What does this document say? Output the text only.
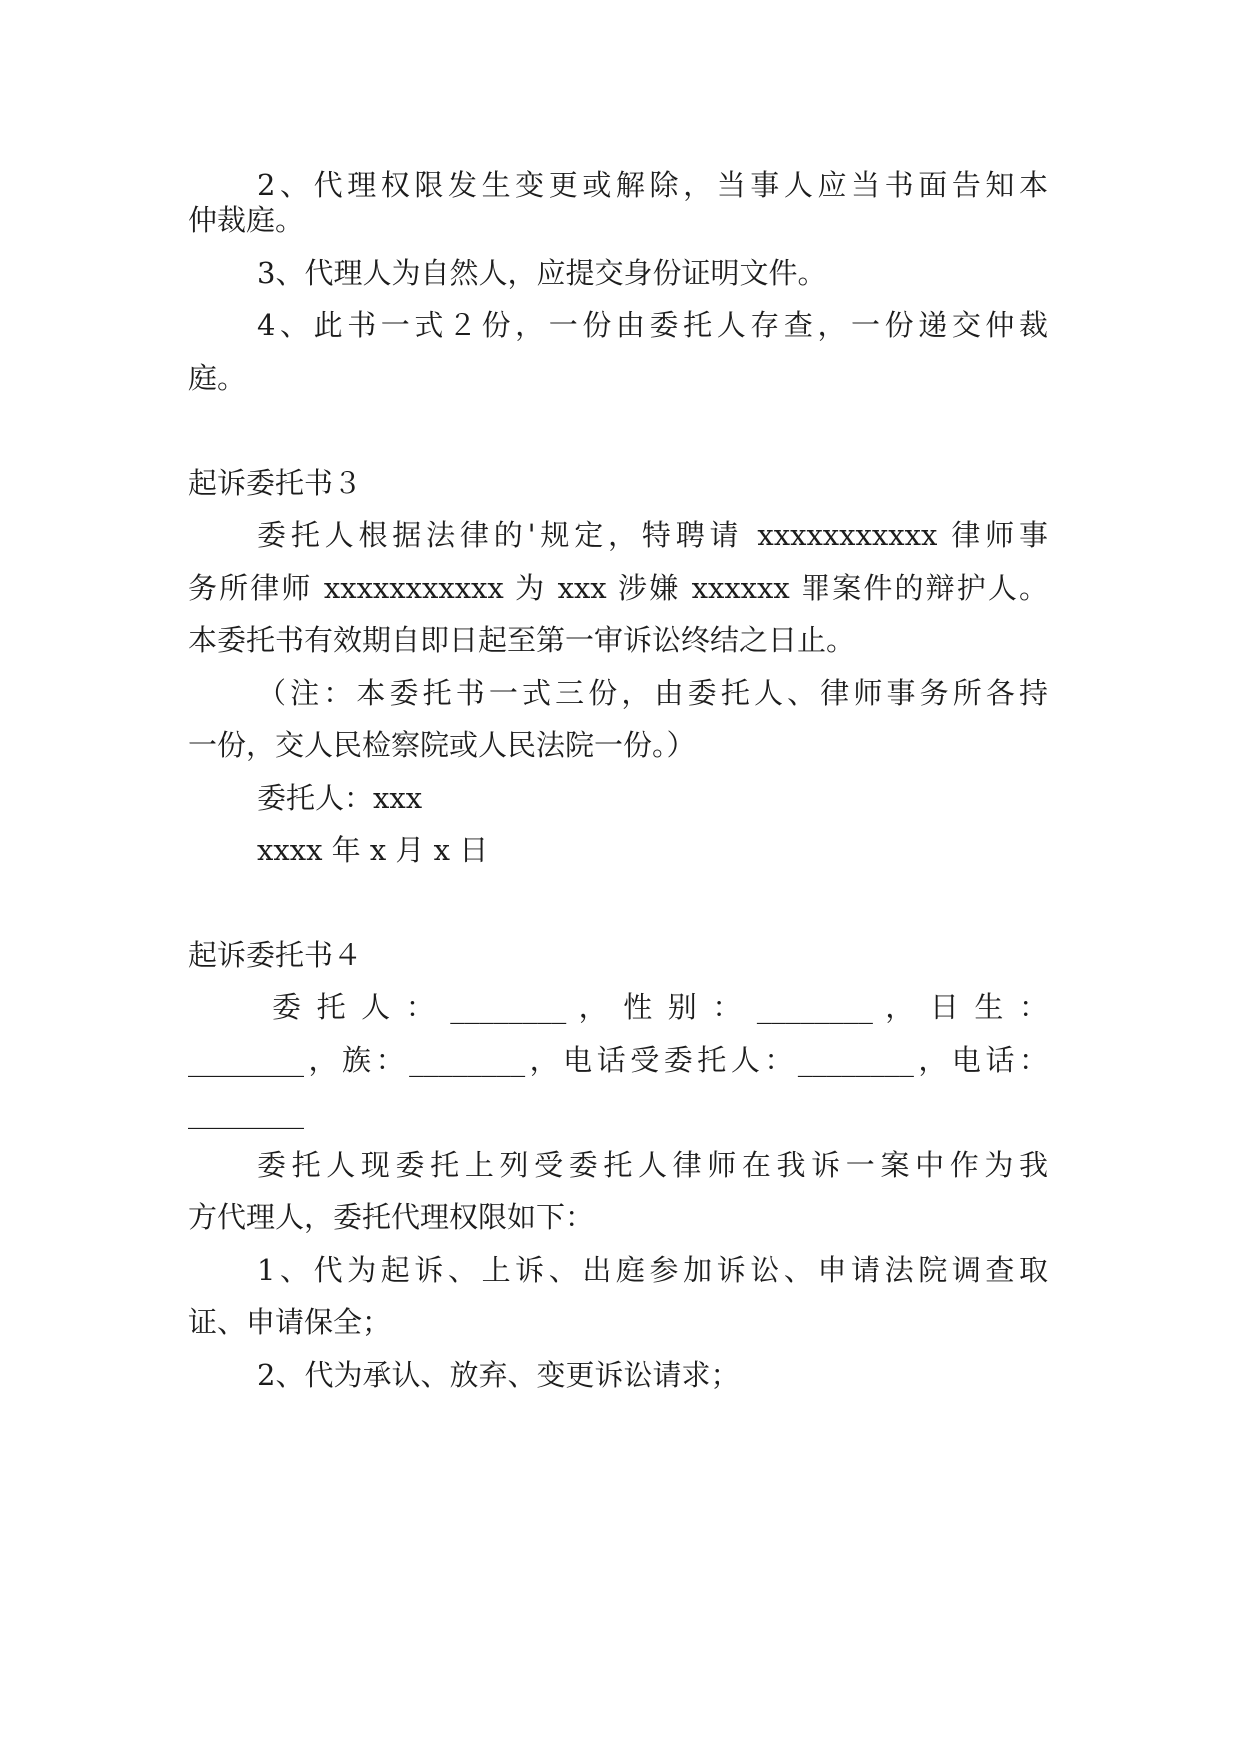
2、代理权限发生变更或解除，当事人应当书面告知本
仲裁庭。
3、代理人为自然人，应提交身份证明文件。
4、此书一式２份，一份由委托人存查，一份递交仲裁
庭。
起诉委托书３
委托人根据法律的'规定，特聘请 xxxxxxxxxxx 律师事
务所律师 xxxxxxxxxxx 为 xxx 涉嫌 xxxxxx 罪案件的辩护人。
本委托书有效期自即日起至第一审诉讼终结之日止。
（注：本委托书一式三份，由委托人、律师事务所各持
一份，交人民检察院或人民法院一份。）
委托人：xxx
xxxx 年 x 月 x 日
起诉委托书４
委 托 人 ： ________ ， 性 别 ： ________ ， 日 生 ：
________，族：________，电话受委托人：________，电话：
________
委托人现委托上列受委托人律师在我诉一案中作为我
方代理人，委托代理权限如下：
1、代为起诉、上诉、出庭参加诉讼、申请法院调查取
证、申请保全；
2、代为承认、放弃、变更诉讼请求；
